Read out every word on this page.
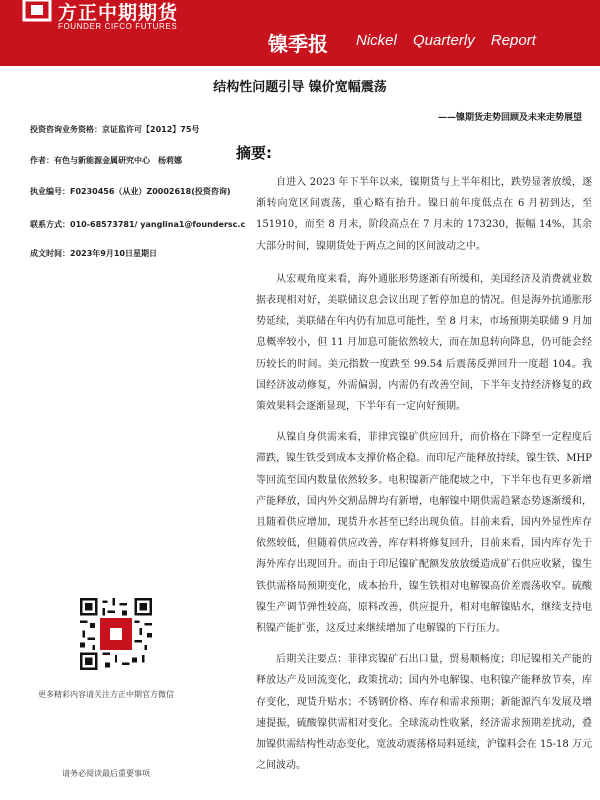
方正中期期货
FOUNDER CIFCO FUTURES
镍季报 Nickel Quarterly Report
结构性问题引导 镍价宽幅震荡
——镍期货走势回顾及未来走势展望
投资咨询业务资格：京证监许可【2012】75号
作者：有色与新能源金属研究中心　杨莉娜
执业编号：F0230456（从业）Z0002618(投资咨询)
联系方式：010-68573781/ yanglina1@foundersc.c
成文时间：2023年9月10日星期日
更多精彩内容请关注方正中期官方微信
请务必阅读最后重要事项
摘要:

自进入 2023 年下半年以来，镍期货与上半年相比，跌势显著放缓，逐渐转向宽区间震荡，重心略有抬升。镍日前年度低点在 6 月初到达，至 151910，而至 8 月末，阶段高点在 7 月末的 173230，振幅 14%，其余大部分时间，镍期货处于两点之间的区间波动之中。

从宏观角度来看，海外通胀形势逐渐有所缓和，美国经济及消费就业数据表现相对好，美联储议息会议出现了暂停加息的情况。但是海外抗通胀形势延续，美联储在年内仍有加息可能性，至 8 月末，市场预期美联储 9 月加息概率较小，但 11 月加息可能依然较大，而在加息转向降息，仍可能会经历较长的时间。美元指数一度跌至 99.54 后震荡反弹回升一度超 104。我国经济波动修复，外需偏弱，内需仍有改善空间，下半年支持经济修复的政策效果料会逐渐显现，下半年有一定向好预期。

从镍自身供需来看，菲律宾镍矿供应回升，而价格在下降至一定程度后滞跌，镍生铁受到成本支撑价格企稳。而印尼产能释放持续，镍生铁、MHP 等回流至国内数量依然较多。电积镍新产能爬坡之中，下半年也有更多新增产能释放，国内外交割品牌均有新增，电解镍中期供需趋紧态势逐渐缓和，且随着供应增加，现货升水甚至已经出现负值。目前来看，国内外显性库存依然较低，但随着供应改善，库存料将修复回升，目前来看，国内库存先于海外库存出现回升。而由于印尼镍矿配额发放放缓造成矿石供应收紧，镍生铁供需格局预期变化，成本抬升，镍生铁相对电解镍高价差震荡收窄。硫酸镍生产调节弹性较高，原料改善，供应提升，相对电解镍贴水，继续支持电积镍产能扩张，这反过来继续增加了电解镍的下行压力。

后期关注要点：菲律宾镍矿石出口量，贸易顺畅度；印尼镍相关产能的释放达产及回流变化，政策扰动；国内外电解镍、电积镍产能释放节奏，库存变化，现货升贴水；不锈钢价格、库存和需求预期；新能源汽车发展及增速提振，硫酸镍供需相对变化。全球流动性收紧，经济需求预期差扰动，叠加镍供需结构性动态变化，宽波动震荡格局料延续，沪镍料会在 15-18 万元之间波动。
